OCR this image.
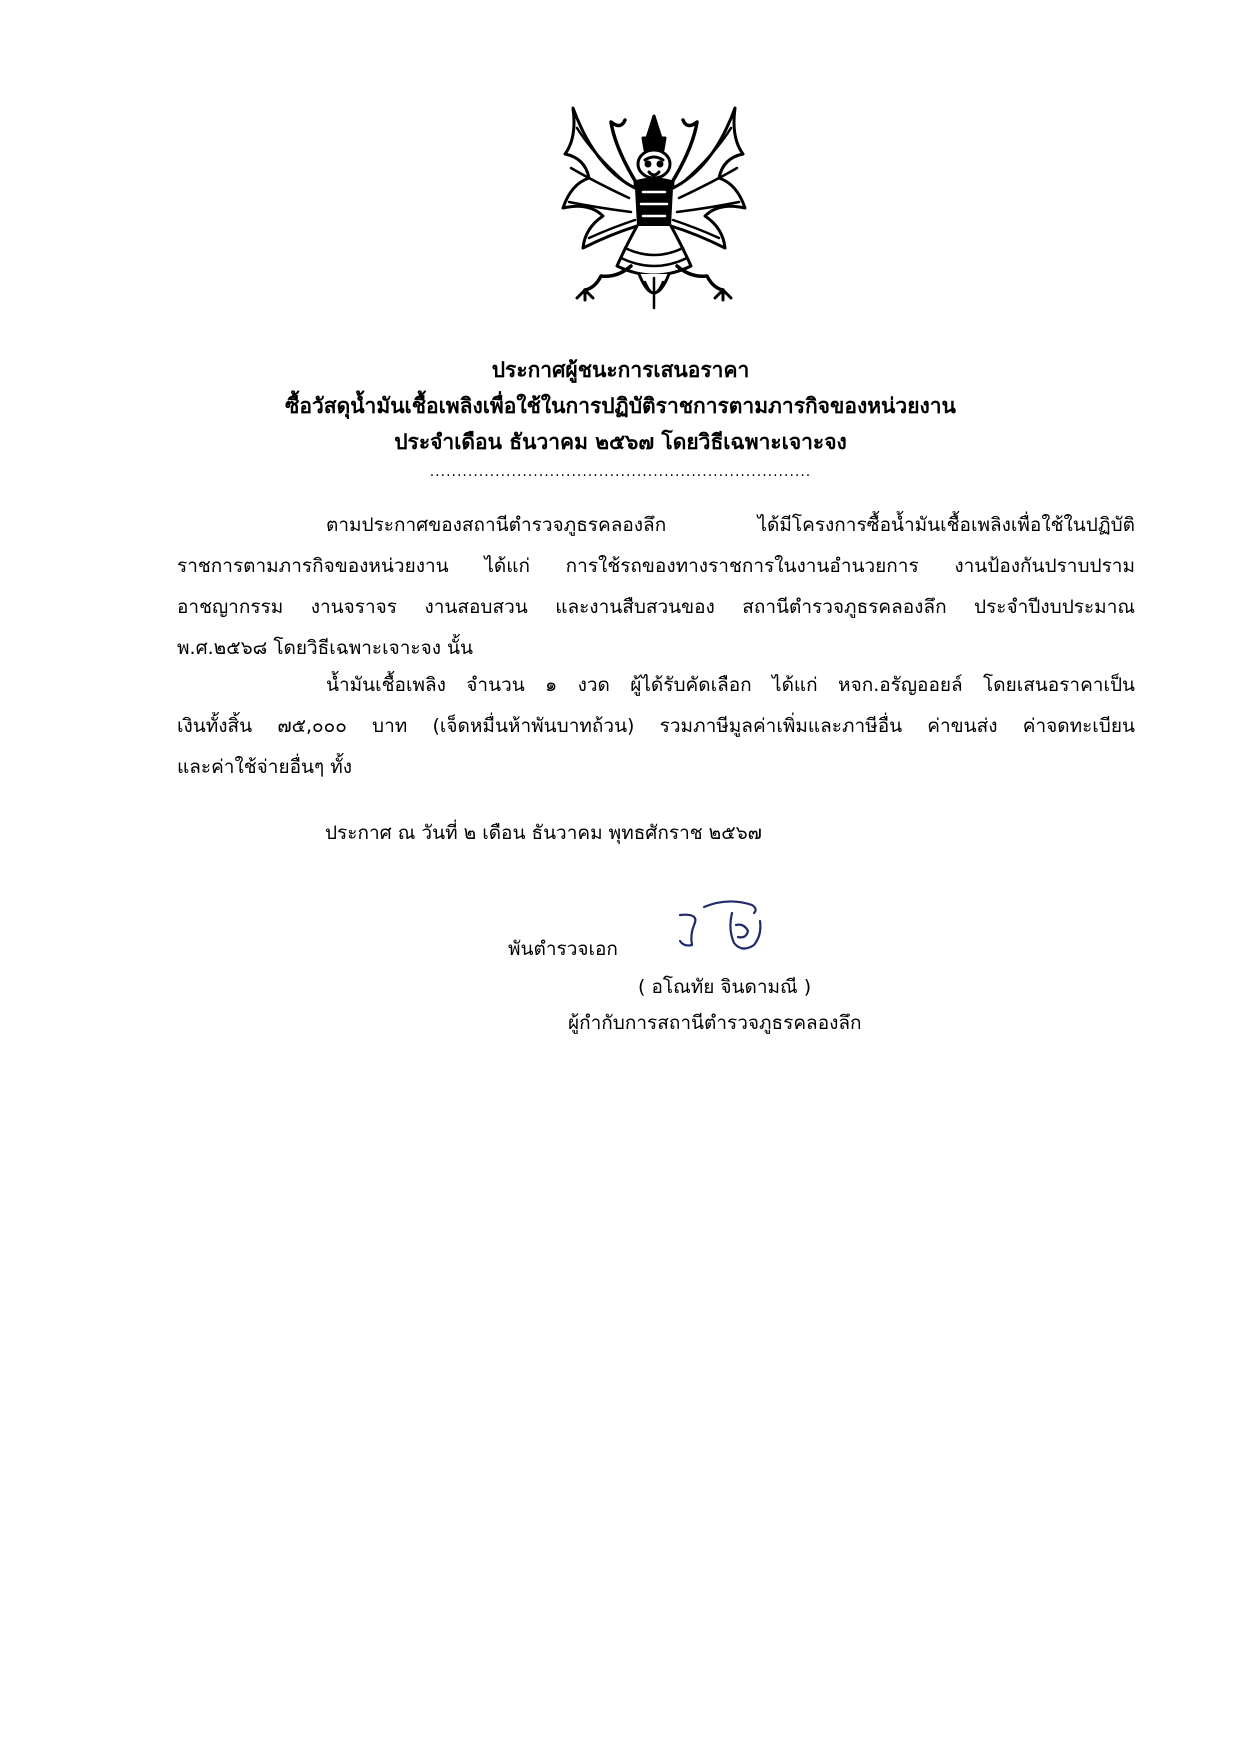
ประกาศผู้ชนะการเสนอราคา
ซื้อวัสดุน้ำมันเชื้อเพลิงเพื่อใช้ในการปฏิบัติราชการตามภารกิจของหน่วยงาน
ประจำเดือน ธันวาคม ๒๕๖๗ โดยวิธีเฉพาะเจาะจง
......................................................................
ตามประกาศของสถานีตำรวจภูธรคลองลึก ได้มีโครงการซื้อน้ำมันเชื้อเพลิงเพื่อใช้ในปฏิบัติ
ราชการตามภารกิจของหน่วยงาน ได้แก่ การใช้รถของทางราชการในงานอำนวยการ งานป้องกันปราบปราม
อาชญากรรม งานจราจร งานสอบสวน และงานสืบสวนของ สถานีตำรวจภูธรคลองลึก ประจำปีงบประมาณ
พ.ศ.๒๕๖๘ โดยวิธีเฉพาะเจาะจง นั้น
น้ำมันเชื้อเพลิง จำนวน ๑ งวด ผู้ได้รับคัดเลือก ได้แก่ หจก.อรัญออยล์ โดยเสนอราคาเป็น
เงินทั้งสิ้น ๗๕,๐๐๐ บาท (เจ็ดหมื่นห้าพันบาทถ้วน) รวมภาษีมูลค่าเพิ่มและภาษีอื่น ค่าขนส่ง ค่าจดทะเบียน
และค่าใช้จ่ายอื่นๆ ทั้ง
ประกาศ ณ วันที่ ๒ เดือน ธันวาคม พุทธศักราช ๒๕๖๗
พันตำรวจเอก
( อโณทัย จินดามณี )
ผู้กำกับการสถานีตำรวจภูธรคลองลึก
